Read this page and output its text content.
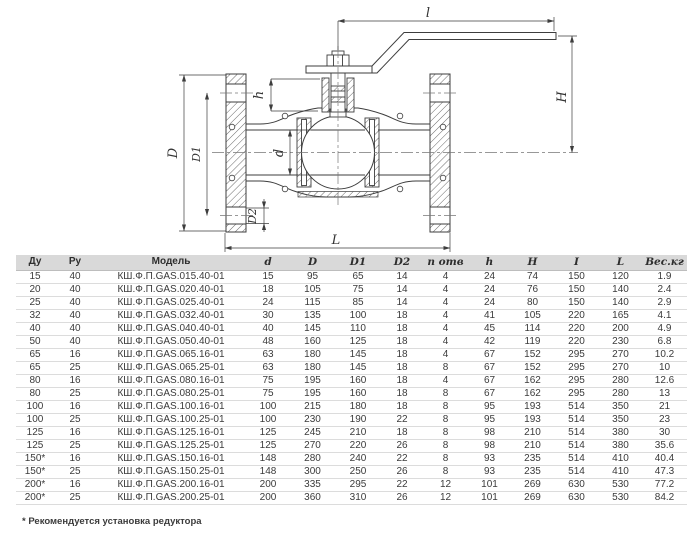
l
H
h
D D1	d
D2
L
Ду	Ру	Модель	d	D	D1	D2	n отв	h	H	I	L	Вес.кг
15	40	КШ.Ф.П.GAS.015.40-01	15	95	65	14	4	24	74	150	120	1.9
20	40	КШ.Ф.П.GAS.020.40-01	18	105	75	14	4	24	76	150	140	2.4
25	40	КШ.Ф.П.GAS.025.40-01	24	115	85	14	4	24	80	150	140	2.9
32	40	КШ.Ф.П.GAS.032.40-01	30	135	100	18	4	41	105	220	165	4.1
40	40	КШ.Ф.П.GAS.040.40-01	40	145	110	18	4	45	114	220	200	4.9
50	40	КШ.Ф.П.GAS.050.40-01	48	160	125	18	4	42	119	220	230	6.8
65	16	КШ.Ф.П.GAS.065.16-01	63	180	145	18	4	67	152	295	270	10.2
65	25	КШ.Ф.П.GAS.065.25-01	63	180	145	18	8	67	152	295	270	10
80	16	КШ.Ф.П.GAS.080.16-01	75	195	160	18	4	67	162	295	280	12.6
80	25	КШ.Ф.П.GAS.080.25-01	75	195	160	18	8	67	162	295	280	13
100	16	КШ.Ф.П.GAS.100.16-01	100	215	180	18	8	95	193	514	350	21
100	25	КШ.Ф.П.GAS.100.25-01	100	230	190	22	8	95	193	514	350	23
125	16	КШ.Ф.П.GAS.125.16-01	125	245	210	18	8	98	210	514	380	30
125	25	КШ.Ф.П.GAS.125.25-01	125	270	220	26	8	98	210	514	380	35.6
150*	16	КШ.Ф.П.GAS.150.16-01	148	280	240	22	8	93	235	514	410	40.4
150*	25	КШ.Ф.П.GAS.150.25-01	148	300	250	26	8	93	235	514	410	47.3
200*	16	КШ.Ф.П.GAS.200.16-01	200	335	295	22	12	101	269	630	530	77.2
200*	25	КШ.Ф.П.GAS.200.25-01	200	360	310	26	12	101	269	630	530	84.2
* Рекомендуется установка редуктора
